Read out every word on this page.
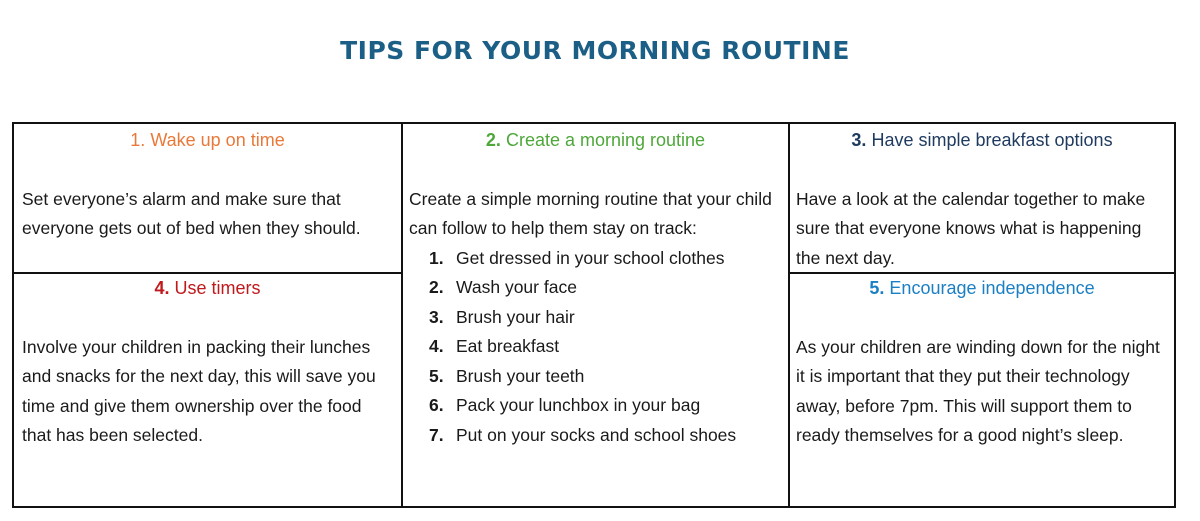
TIPS FOR YOUR MORNING ROUTINE

1. Wake up on time

Set everyone’s alarm and make sure that everyone gets out of bed when they should.

2. Create a morning routine

Create a simple morning routine that your child can follow to help them stay on track:

1. Get dressed in your school clothes
2. Wash your face
3. Brush your hair
4. Eat breakfast
5. Brush your teeth
6. Pack your lunchbox in your bag
7. Put on your socks and school shoes

3. Have simple breakfast options

Have a look at the calendar together to make sure that everyone knows what is happening the next day.

4. Use timers

Involve your children in packing their lunches and snacks for the next day, this will save you time and give them ownership over the food that has been selected.

5. Encourage independence

As your children are winding down for the night it is important that they put their technology away, before 7pm. This will support them to ready themselves for a good night’s sleep.
